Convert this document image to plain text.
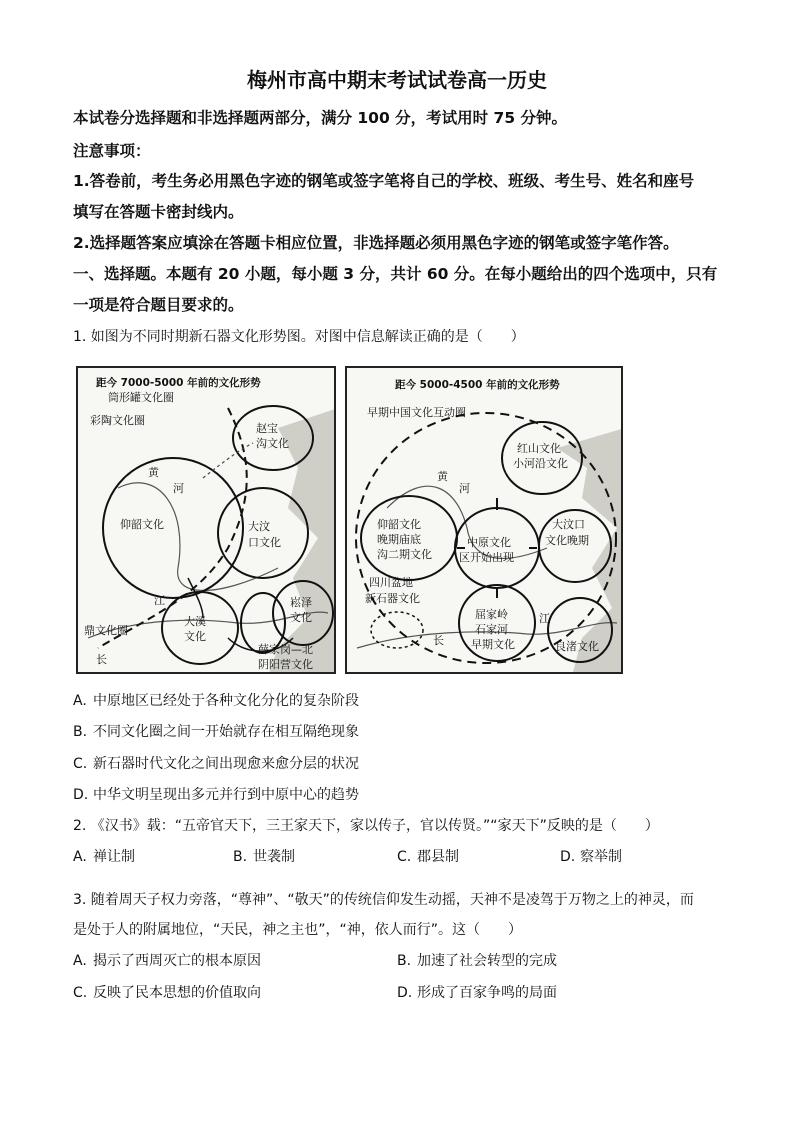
梅州市高中期末考试试卷高一历史
本试卷分选择题和非选择题两部分，满分 100 分，考试用时 75 分钟。
注意事项：
1.答卷前，考生务必用黑色字迹的钢笔或签字笔将自己的学校、班级、考生号、姓名和座号
填写在答题卡密封线内。
2.选择题答案应填涂在答题卡相应位置，非选择题必须用黑色字迹的钢笔或签字笔作答。
一、选择题。本题有 20 小题，每小题 3 分，共计 60 分。在每小题给出的四个选项中，只有
一项是符合题目要求的。
1. 如图为不同时期新石器文化形势图。对图中信息解读正确的是（　　）
距今 7000-5000 年前的文化形势
筒形罐文化圈
彩陶文化圈
赵宝
沟文化
黄
河
仰韶文化	大汶
口文化
江
大溪
文化
崧泽
文化
鼎文化圈
长
薛家岗—北
阴阳营文化
距今 5000-4500 年前的文化形势
早期中国文化互动圈
红山文化
小河沿文化
黄
河
仰韶文化
晚期庙底
沟二期文化
中原文化
区开始出现
大汶口
文化晚期
四川盆地
新石器文化
屈家岭
石家河
早期文化
江
长	良渚文化
A. 中原地区已经处于各种文化分化的复杂阶段
B. 不同文化圈之间一开始就存在相互隔绝现象
C. 新石器时代文化之间出现愈来愈分层的状况
D. 中华文明呈现出多元并行到中原中心的趋势
2. 《汉书》载：“五帝官天下，三王家天下，家以传子，官以传贤。”“家天下”反映的是（　　）
A. 禅让制	B. 世袭制	C. 郡县制	D. 察举制
3. 随着周天子权力旁落，“尊神”、“敬天”的传统信仰发生动摇，天神不是凌驾于万物之上的神灵，而
是处于人的附属地位，“天民，神之主也”，“神，依人而行”。这（　　）
A. 揭示了西周灭亡的根本原因	B. 加速了社会转型的完成
C. 反映了民本思想的价值取向	D. 形成了百家争鸣的局面
